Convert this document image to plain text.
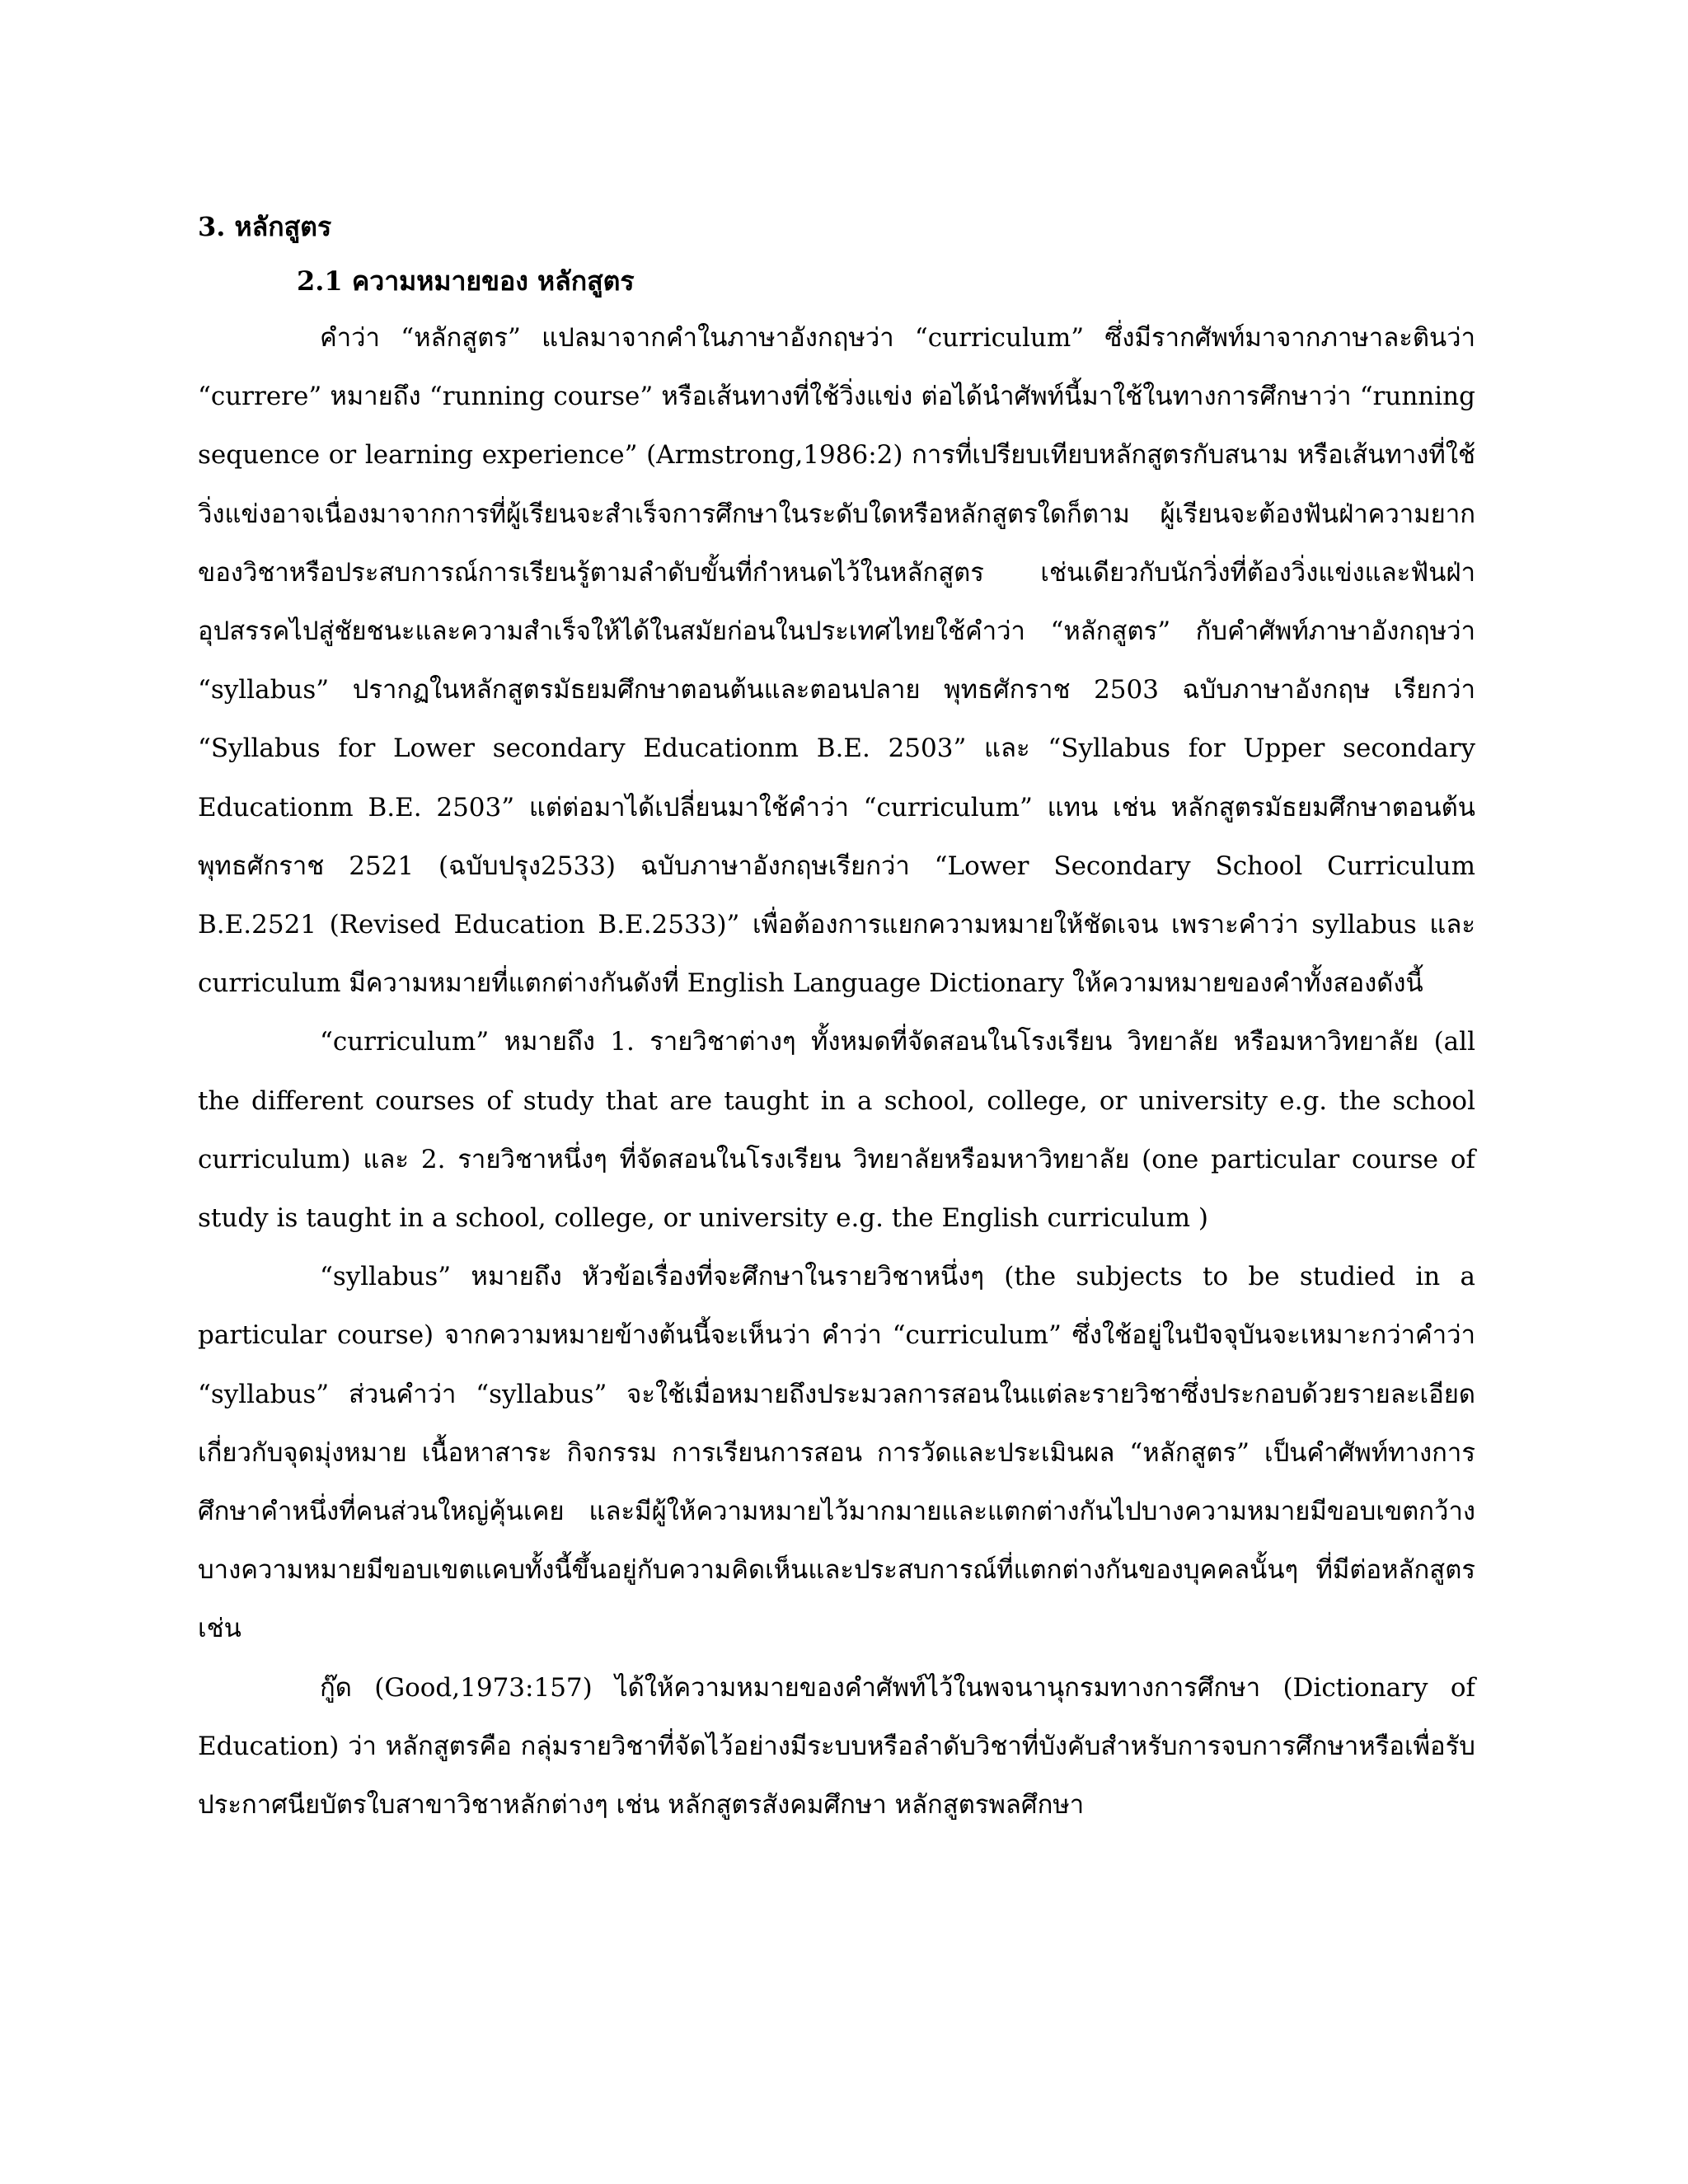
3. หลักสูตร
2.1 ความหมายของ หลักสูตร

คำว่า “หลักสูตร” แปลมาจากคำในภาษาอังกฤษว่า “curriculum” ซึ่งมีรากศัพท์มาจากภาษาละตินว่า “currere” หมายถึง “running course” หรือเส้นทางที่ใช้วิ่งแข่ง ต่อได้นำศัพท์นี้มาใช้ในทางการศึกษาว่า “running sequence or learning experience” (Armstrong,1986:2) การที่เปรียบเทียบหลักสูตรกับสนาม หรือเส้นทางที่ใช้วิ่งแข่งอาจเนื่องมาจากการที่ผู้เรียนจะสำเร็จการศึกษาในระดับใดหรือหลักสูตรใดก็ตาม ผู้เรียนจะต้องฟันฝ่าความยากของวิชาหรือประสบการณ์การเรียนรู้ตามลำดับขั้นที่กำหนดไว้ในหลักสูตร เช่นเดียวกับนักวิ่งที่ต้องวิ่งแข่งและฟันฝ่าอุปสรรคไปสู่ชัยชนะและความสำเร็จให้ได้ในสมัยก่อนในประเทศไทยใช้คำว่า “หลักสูตร” กับคำศัพท์ภาษาอังกฤษว่า “syllabus” ปรากฏในหลักสูตรมัธยมศึกษาตอนต้นและตอนปลาย พุทธศักราช 2503 ฉบับภาษาอังกฤษ เรียกว่า “Syllabus for Lower secondary Educationm B.E. 2503” และ “Syllabus for Upper secondary Educationm B.E. 2503” แต่ต่อมาได้เปลี่ยนมาใช้คำว่า “curriculum” แทน เช่น หลักสูตรมัธยมศึกษาตอนต้น พุทธศักราช 2521 (ฉบับปรุง2533) ฉบับภาษาอังกฤษเรียกว่า “Lower Secondary School Curriculum B.E.2521 (Revised Education B.E.2533)” เพื่อต้องการแยกความหมายให้ชัดเจน เพราะคำว่า syllabus และ curriculum มีความหมายที่แตกต่างกันดังที่ English Language Dictionary ให้ความหมายของคำทั้งสองดังนี้

“curriculum” หมายถึง 1. รายวิชาต่างๆ ทั้งหมดที่จัดสอนในโรงเรียน วิทยาลัย หรือมหาวิทยาลัย (all the different courses of study that are taught in a school, college, or university e.g. the school curriculum) และ 2. รายวิชาหนึ่งๆ ที่จัดสอนในโรงเรียน วิทยาลัยหรือมหาวิทยาลัย (one particular course of study is taught in a school, college, or university e.g. the English curriculum )

“syllabus” หมายถึง หัวข้อเรื่องที่จะศึกษาในรายวิชาหนึ่งๆ (the subjects to be studied in a particular course) จากความหมายข้างต้นนี้จะเห็นว่า คำว่า “curriculum” ซึ่งใช้อยู่ในปัจจุบันจะเหมาะกว่าคำว่า “syllabus” ส่วนคำว่า “syllabus” จะใช้เมื่อหมายถึงประมวลการสอนในแต่ละรายวิชาซึ่งประกอบด้วยรายละเอียดเกี่ยวกับจุดมุ่งหมาย เนื้อหาสาระ กิจกรรม การเรียนการสอน การวัดและประเมินผล “หลักสูตร” เป็นคำศัพท์ทางการศึกษาคำหนึ่งที่คนส่วนใหญ่คุ้นเคย และมีผู้ให้ความหมายไว้มากมายและแตกต่างกันไปบางความหมายมีขอบเขตกว้างบางความหมายมีขอบเขตแคบทั้งนี้ขึ้นอยู่กับความคิดเห็นและประสบการณ์ที่แตกต่างกันของบุคคลนั้นๆ ที่มีต่อหลักสูตร เช่น

กู๊ด (Good,1973:157) ได้ให้ความหมายของคำศัพท์ไว้ในพจนานุกรมทางการศึกษา (Dictionary of Education) ว่า หลักสูตรคือ กลุ่มรายวิชาที่จัดไว้อย่างมีระบบหรือลำดับวิชาที่บังคับสำหรับการจบการศึกษาหรือเพื่อรับประกาศนียบัตรใบสาขาวิชาหลักต่างๆ เช่น หลักสูตรสังคมศึกษา หลักสูตรพลศึกษา
